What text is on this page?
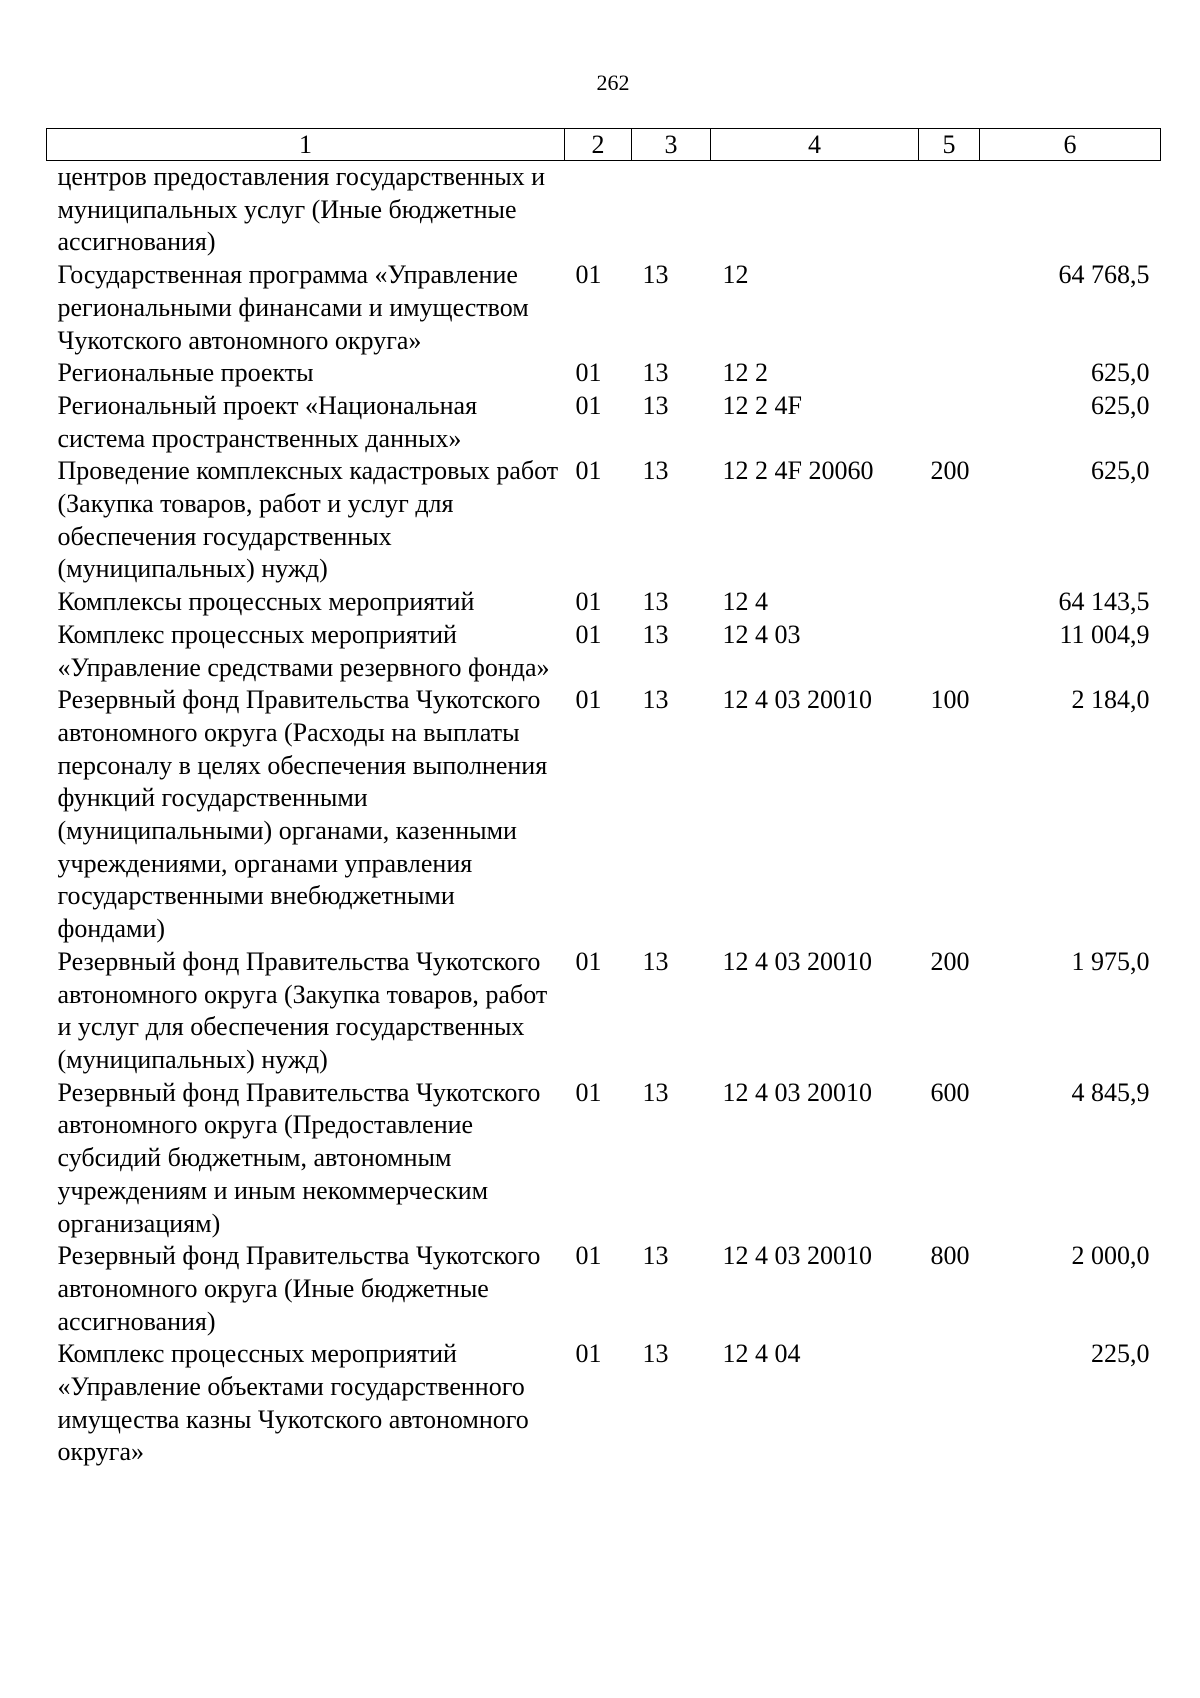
262
1	2	3	4	5	6
центров предоставления государственных и муниципальных услуг (Иные бюджетные ассигнования)					
Государственная программа «Управление региональными финансами и имуществом Чукотского автономного округа»	01	13	12		64 768,5
Региональные проекты	01	13	12 2		625,0
Региональный проект «Национальная система пространственных данных»	01	13	12 2 4F		625,0
Проведение комплексных кадастровых работ (Закупка товаров, работ и услуг для обеспечения государственных (муниципальных) нужд)	01	13	12 2 4F 20060	200	625,0
Комплексы процессных мероприятий	01	13	12 4		64 143,5
Комплекс процессных мероприятий «Управление средствами резервного фонда»	01	13	12 4 03		11 004,9
Резервный фонд Правительства Чукотского автономного округа (Расходы на выплаты персоналу в целях обеспечения выполнения функций государственными (муниципальными) органами, казенными учреждениями, органами управления государственными внебюджетными фондами)	01	13	12 4 03 20010	100	2 184,0
Резервный фонд Правительства Чукотского автономного округа (Закупка товаров, работ и услуг для обеспечения государственных (муниципальных) нужд)	01	13	12 4 03 20010	200	1 975,0
Резервный фонд Правительства Чукотского автономного округа (Предоставление субсидий бюджетным, автономным учреждениям и иным некоммерческим организациям)	01	13	12 4 03 20010	600	4 845,9
Резервный фонд Правительства Чукотского автономного округа (Иные бюджетные ассигнования)	01	13	12 4 03 20010	800	2 000,0
Комплекс процессных мероприятий «Управление объектами государственного имущества казны Чукотского автономного округа»	01	13	12 4 04		225,0
